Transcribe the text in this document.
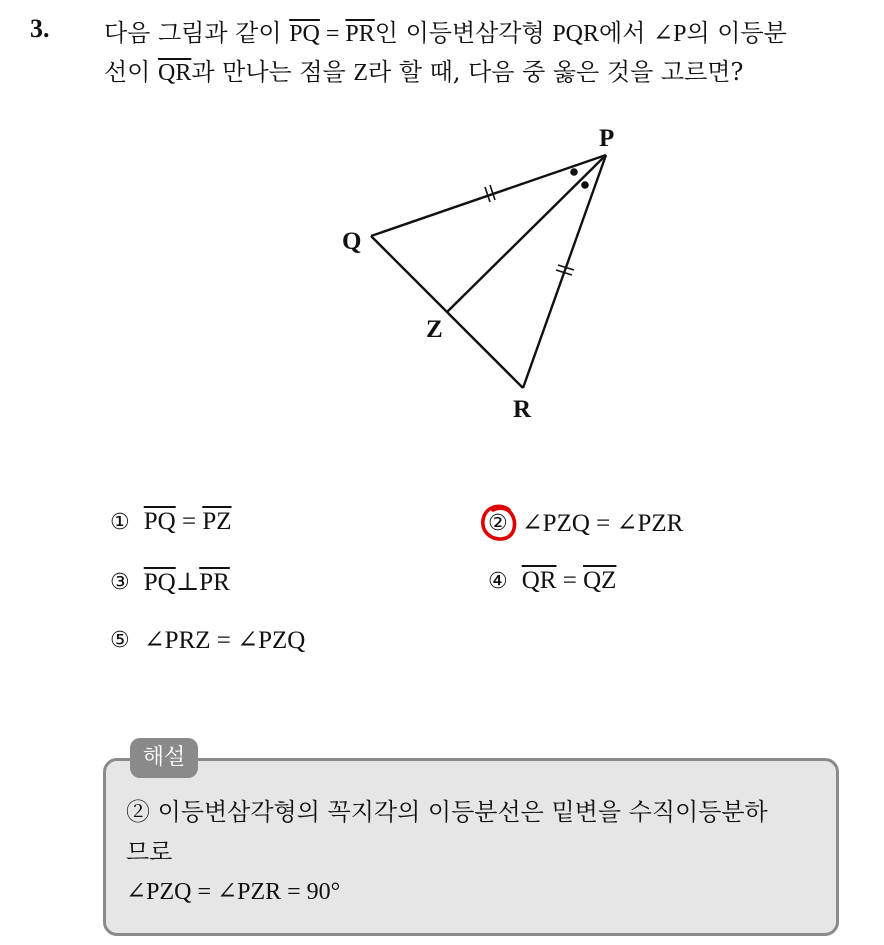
3. 다음 그림과 같이 $\overline{PQ} = \overline{PR}$인 이등변삼각형 PQR에서 ∠P의 이등분
선이 $\overline{QR}$과 만나는 점을 Z라 할 때, 다음 중 옳은 것을 고르면?
P
Q
Z
R
① $\overline{PQ} = \overline{PZ}$	② ∠PZQ = ∠PZR
③ $\overline{PQ}\perp\overline{PR}$	④ $\overline{QR} = \overline{QZ}$
⑤ ∠PRZ = ∠PZQ
해설
② 이등변삼각형의 꼭지각의 이등분선은 밑변을 수직이등분하
므로
∠PZQ = ∠PZR = 90°
